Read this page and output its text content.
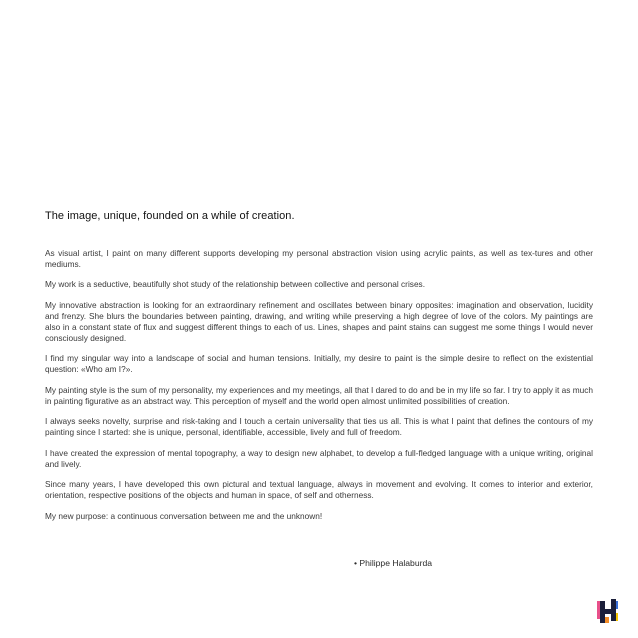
The image, unique, founded on a while of creation.

As visual artist, I paint on many different supports developing my personal abstraction vision using acrylic paints, as well as tex-tures and other mediums.

My work is a seductive, beautifully shot study of the relationship between collective and personal crises.

My innovative abstraction is looking for an extraordinary refinement and oscillates between binary opposites: imagination and observation, lucidity and frenzy. She blurs the boundaries between painting, drawing, and writing while preserving a high degree of love of the colors. My paintings are also in a constant state of flux and suggest different things to each of us. Lines, shapes and paint stains can suggest me some things I would never consciously designed.

I find my singular way into a landscape of social and human tensions. Initially, my desire to paint is the simple desire to reflect on the existential question: «Who am I?».

My painting style is the sum of my personality, my experiences and my meetings, all that I dared to do and be in my life so far. I try to apply it as much in painting figurative as an abstract way. This perception of myself and the world open almost unlimited possibilities of creation.

I always seeks novelty, surprise and risk-taking and I touch a certain universality that ties us all. This is what I paint that defines the contours of my painting since I started: she is unique, personal, identifiable, accessible, lively and full of freedom.

I have created the expression of mental topography, a way to design new alphabet, to develop a full-fledged language with a unique writing, original and lively.

Since many years, I have developed this own pictural and textual language, always in movement and evolving. It comes to interior and exterior, orientation, respective positions of the objects and human in space, of self and otherness.

My new purpose: a continuous conversation between me and the unknown!

• Philippe Halaburda
